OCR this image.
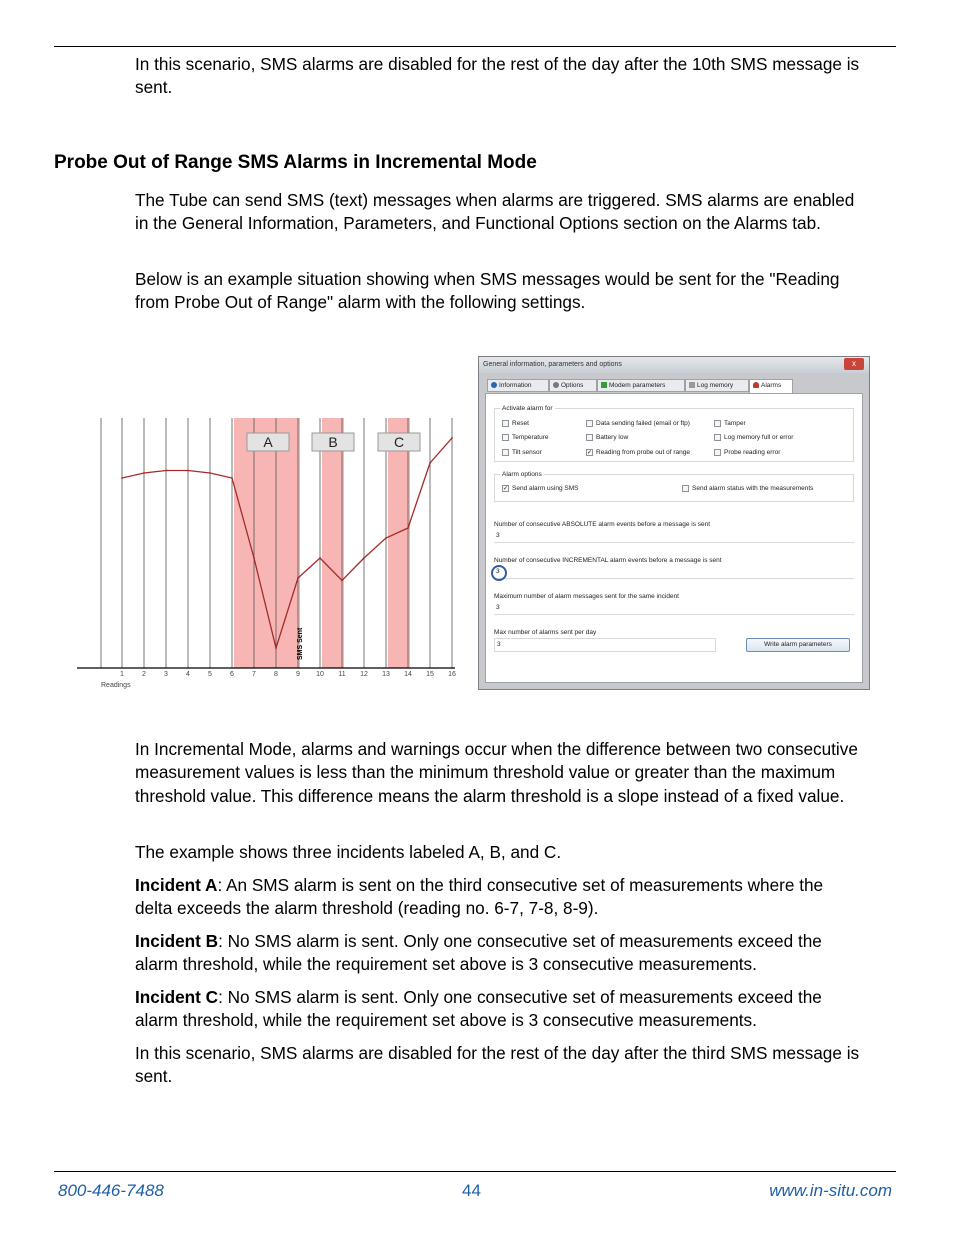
In this scenario, SMS alarms are disabled for the rest of the day after the 10th SMS message is sent.

Probe Out of Range SMS Alarms in Incremental Mode

The Tube can send SMS (text) messages when alarms are triggered. SMS alarms are enabled in the General Information, Parameters, and Functional Options section on the Alarms tab.

Below is an example situation showing when SMS messages would be sent for the "Reading from Probe Out of Range" alarm with the following settings.

1	2	3	4	5	6	7	8	9 10 11 12 13 14 15 16
A	B	C
SMS Sent
Readings
General information, parameters and options	x
Information	Options	Modem parameters	Log memory	Alarms
Activate alarm for
Reset	Data sending failed (email or ftp)	Tamper
Temperature	Battery low	Log memory full or error
Tilt sensor	✓ Reading from probe out of range	Probe reading error
Alarm options
✓ Send alarm using SMS	Send alarm status with the measurements
Number of consecutive ABSOLUTE alarm events before a message is sent
3
Number of consecutive INCREMENTAL alarm events before a message is sent
3
Maximum number of alarm messages sent for the same incident
3
Max number of alarms sent per day
3	Write alarm parameters

In Incremental Mode, alarms and warnings occur when the difference between two consecutive measurement values is less than the minimum threshold value or greater than the maximum threshold value. This difference means the alarm threshold is a slope instead of a fixed value.

The example shows three incidents labeled A, B, and C.

Incident A: An SMS alarm is sent on the third consecutive set of measurements where the delta exceeds the alarm threshold (reading no. 6-7, 7-8, 8-9).

Incident B: No SMS alarm is sent. Only one consecutive set of measurements exceed the alarm threshold, while the requirement set above is 3 consecutive measurements.

Incident C: No SMS alarm is sent. Only one consecutive set of measurements exceed the alarm threshold, while the requirement set above is 3 consecutive measurements.

In this scenario, SMS alarms are disabled for the rest of the day after the third SMS message is sent.

800-446-7488	44	www.in-situ.com
